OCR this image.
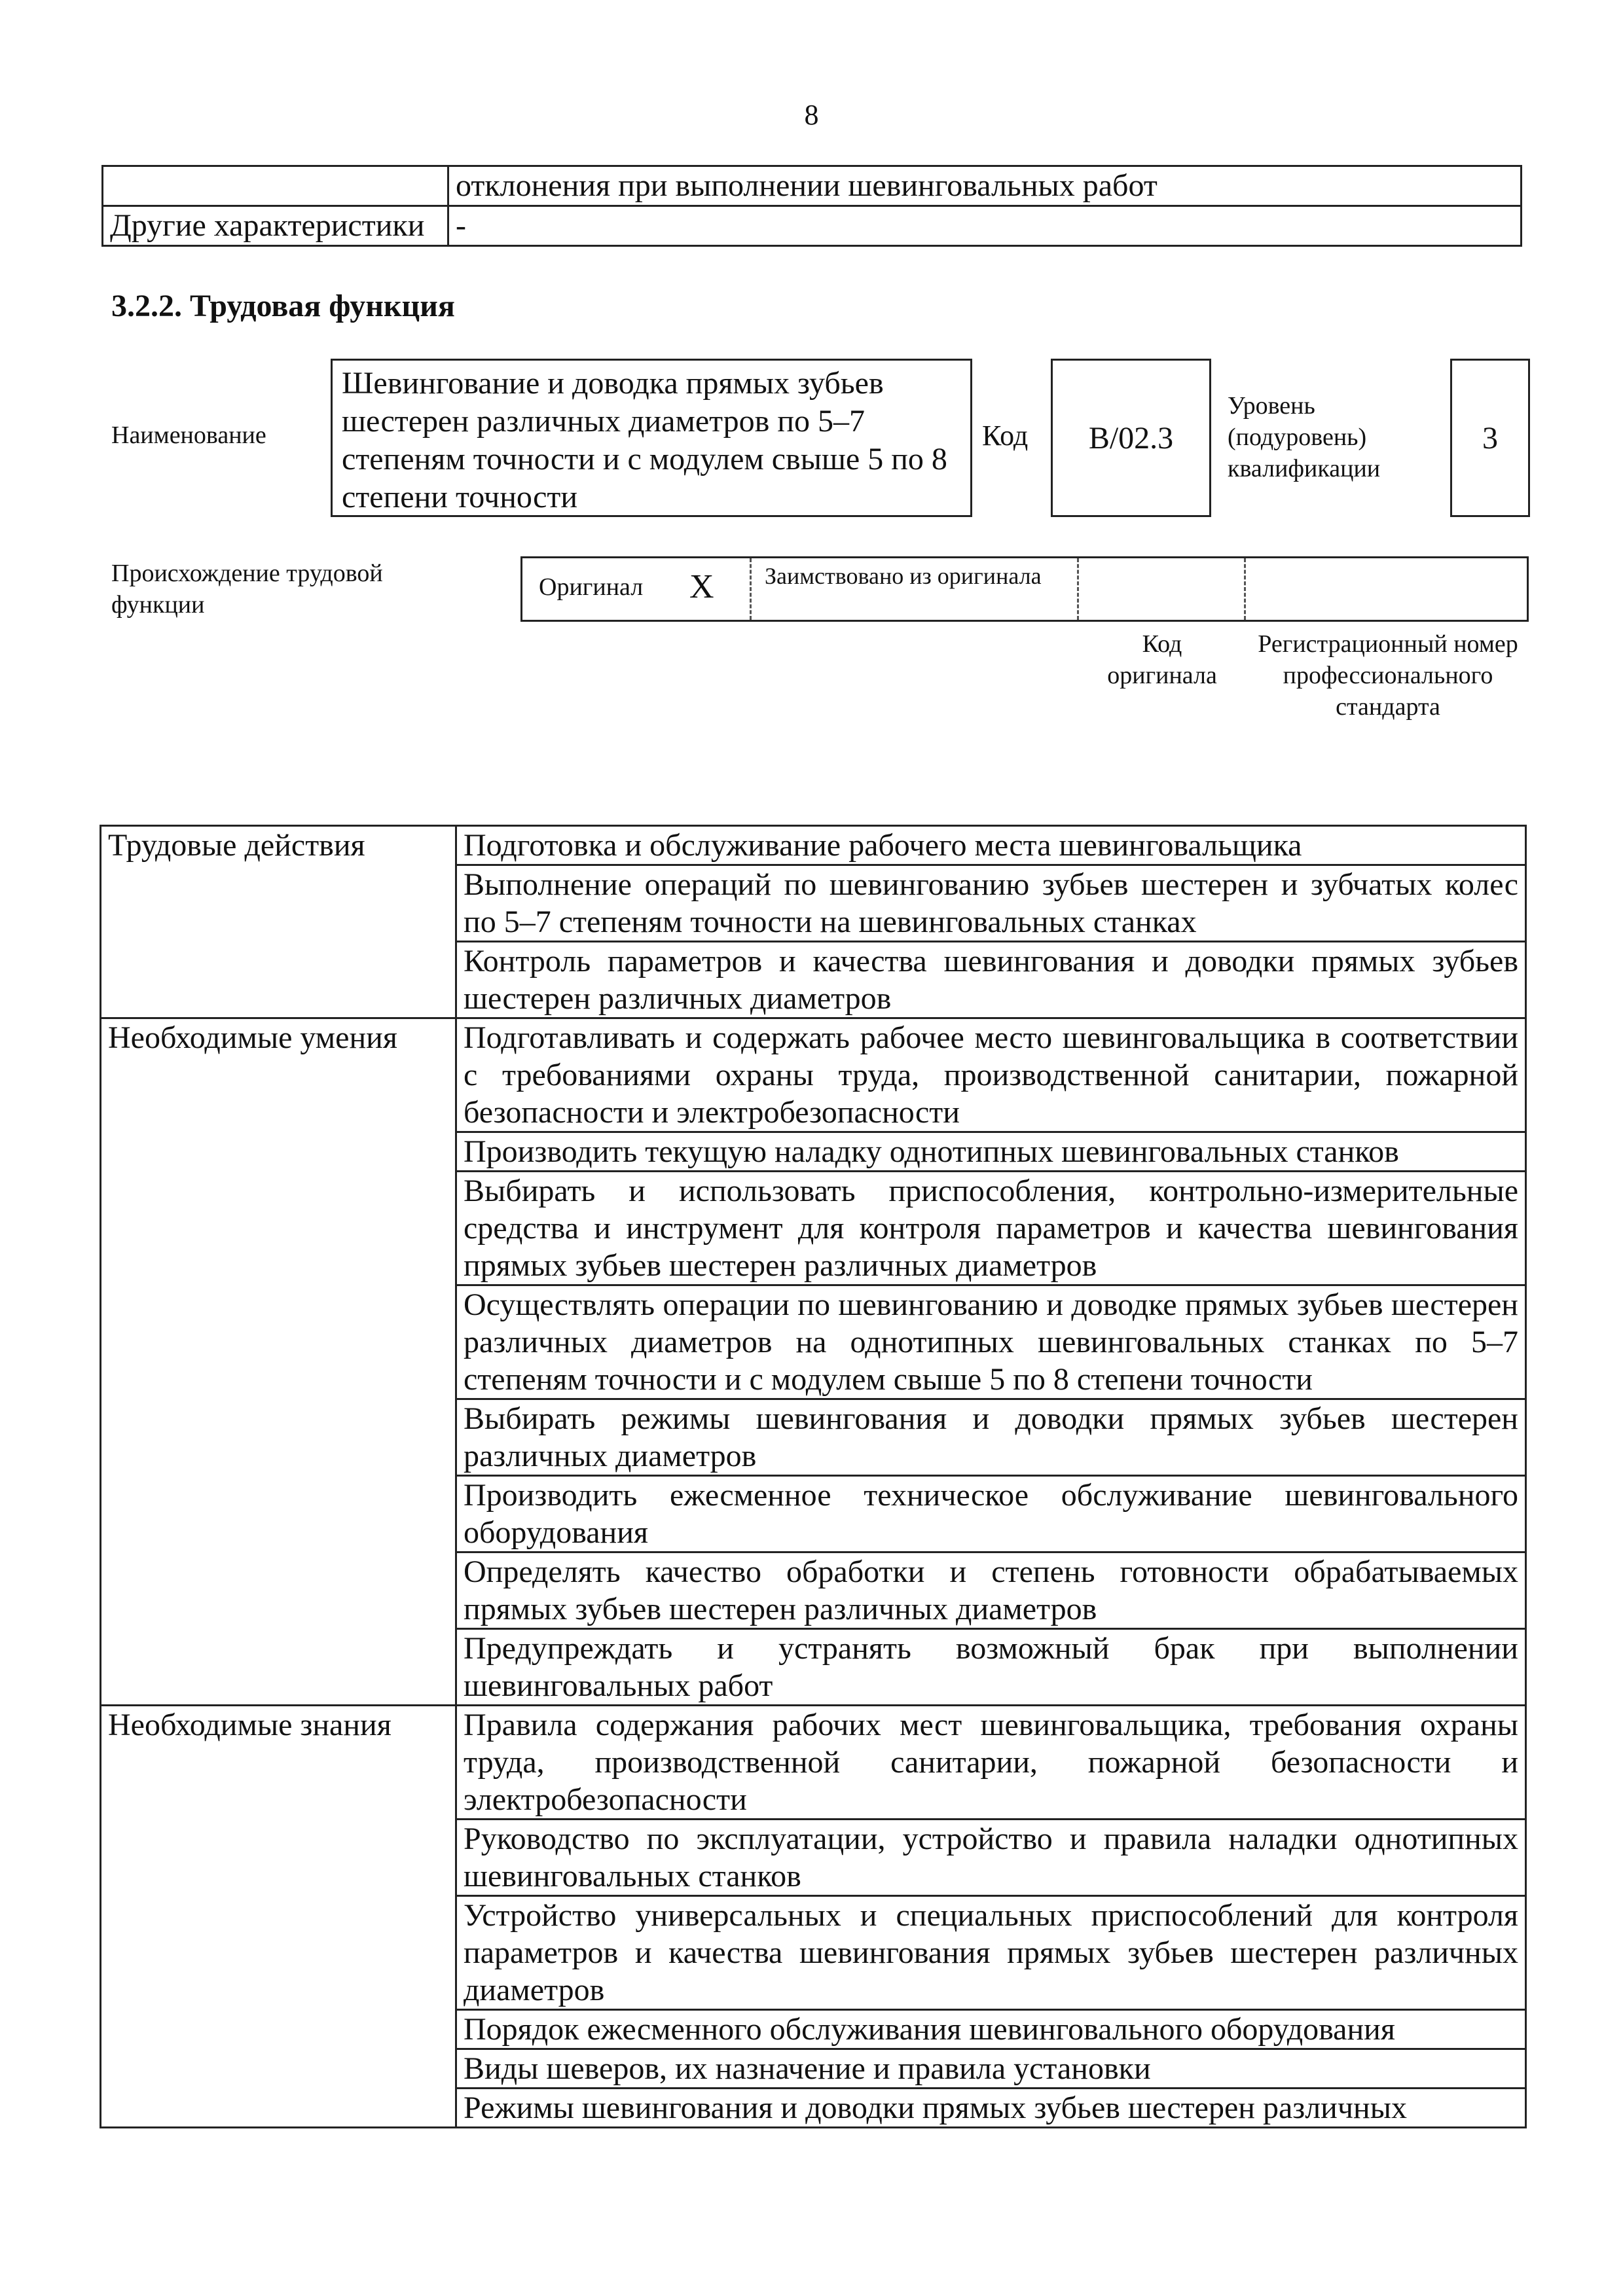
8
	отклонения при выполнении шевинговальных работ
Другие характеристики	-
3.2.2. Трудовая функция
Наименование
Шевингование и доводка прямых зубьев шестерен различных диаметров по 5–7 степеням точности и с модулем свыше 5 по 8 степени точности
Код B/02.3
Уровень (подуровень) квалификации
3
Происхождение трудовой функции
Оригинал X Заимствовано из оригинала
Код оригинала
Регистрационный номер профессионального стандарта
Трудовые действия	Подготовка и обслуживание рабочего места шевинговальщика
	Выполнение операций по шевингованию зубьев шестерен и зубчатых колес по 5–7 степеням точности на шевинговальных станках
	Контроль параметров и качества шевингования и доводки прямых зубьев шестерен различных диаметров
Необходимые умения	Подготавливать и содержать рабочее место шевинговальщика в соответствии с требованиями охраны труда, производственной санитарии, пожарной безопасности и электробезопасности
	Производить текущую наладку однотипных шевинговальных станков
	Выбирать и использовать приспособления, контрольно-измерительные средства и инструмент для контроля параметров и качества шевингования прямых зубьев шестерен различных диаметров
	Осуществлять операции по шевингованию и доводке прямых зубьев шестерен различных диаметров на однотипных шевинговальных станках по 5–7 степеням точности и с модулем свыше 5 по 8 степени точности
	Выбирать режимы шевингования и доводки прямых зубьев шестерен различных диаметров
	Производить ежесменное техническое обслуживание шевинговального оборудования
	Определять качество обработки и степень готовности обрабатываемых прямых зубьев шестерен различных диаметров
	Предупреждать и устранять возможный брак при выполнении шевинговальных работ
Необходимые знания	Правила содержания рабочих мест шевинговальщика, требования охраны труда, производственной санитарии, пожарной безопасности и электробезопасности
	Руководство по эксплуатации, устройство и правила наладки однотипных шевинговальных станков
	Устройство универсальных и специальных приспособлений для контроля параметров и качества шевингования прямых зубьев шестерен различных диаметров
	Порядок ежесменного обслуживания шевинговального оборудования
	Виды шеверов, их назначение и правила установки
	Режимы шевингования и доводки прямых зубьев шестерен различных
